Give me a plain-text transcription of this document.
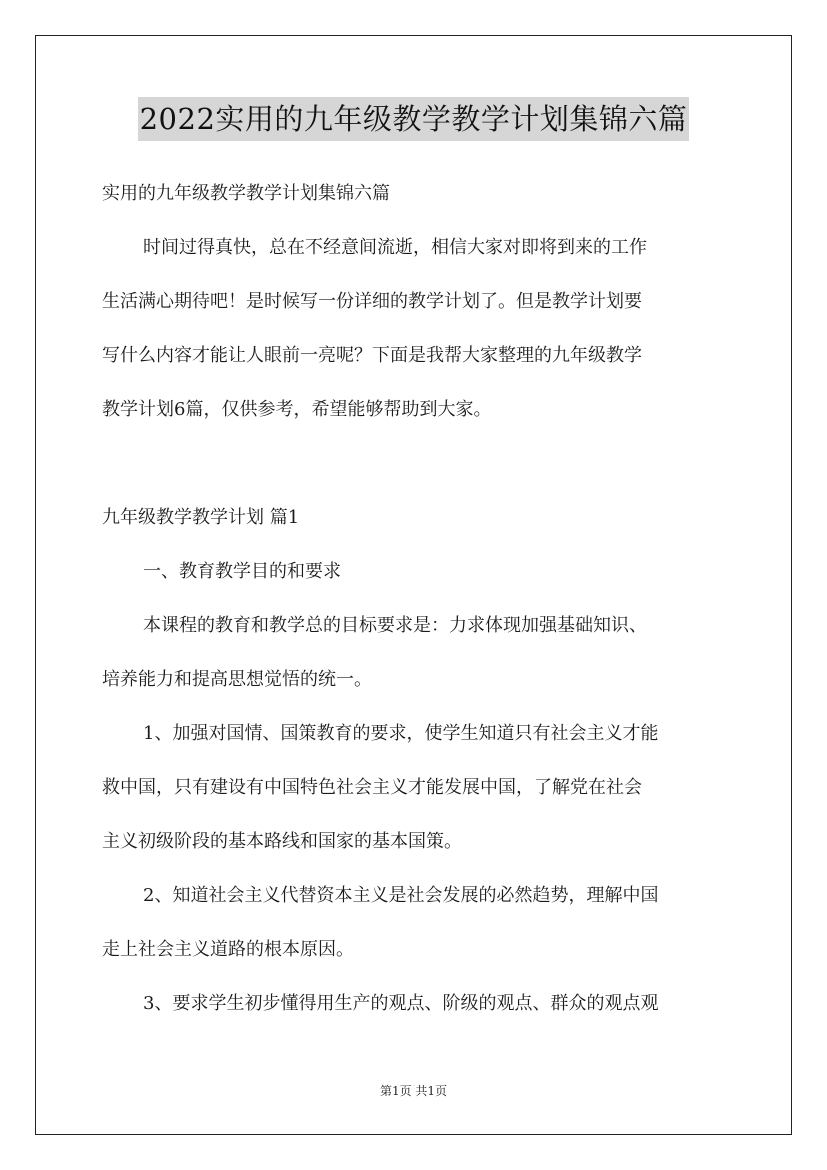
2022实用的九年级教学教学计划集锦六篇
实用的九年级教学教学计划集锦六篇
时间过得真快，总在不经意间流逝，相信大家对即将到来的工作
生活满心期待吧！是时候写一份详细的教学计划了。但是教学计划要
写什么内容才能让人眼前一亮呢？下面是我帮大家整理的九年级教学
教学计划6篇，仅供参考，希望能够帮助到大家。
九年级教学教学计划 篇1
一、教育教学目的和要求
本课程的教育和教学总的目标要求是：力求体现加强基础知识、
培养能力和提高思想觉悟的统一。
1、加强对国情、国策教育的要求，使学生知道只有社会主义才能
救中国，只有建设有中国特色社会主义才能发展中国，了解党在社会
主义初级阶段的基本路线和国家的基本国策。
2、知道社会主义代替资本主义是社会发展的必然趋势，理解中国
走上社会主义道路的根本原因。
3、要求学生初步懂得用生产的观点、阶级的观点、群众的观点观
第1页 共1页
